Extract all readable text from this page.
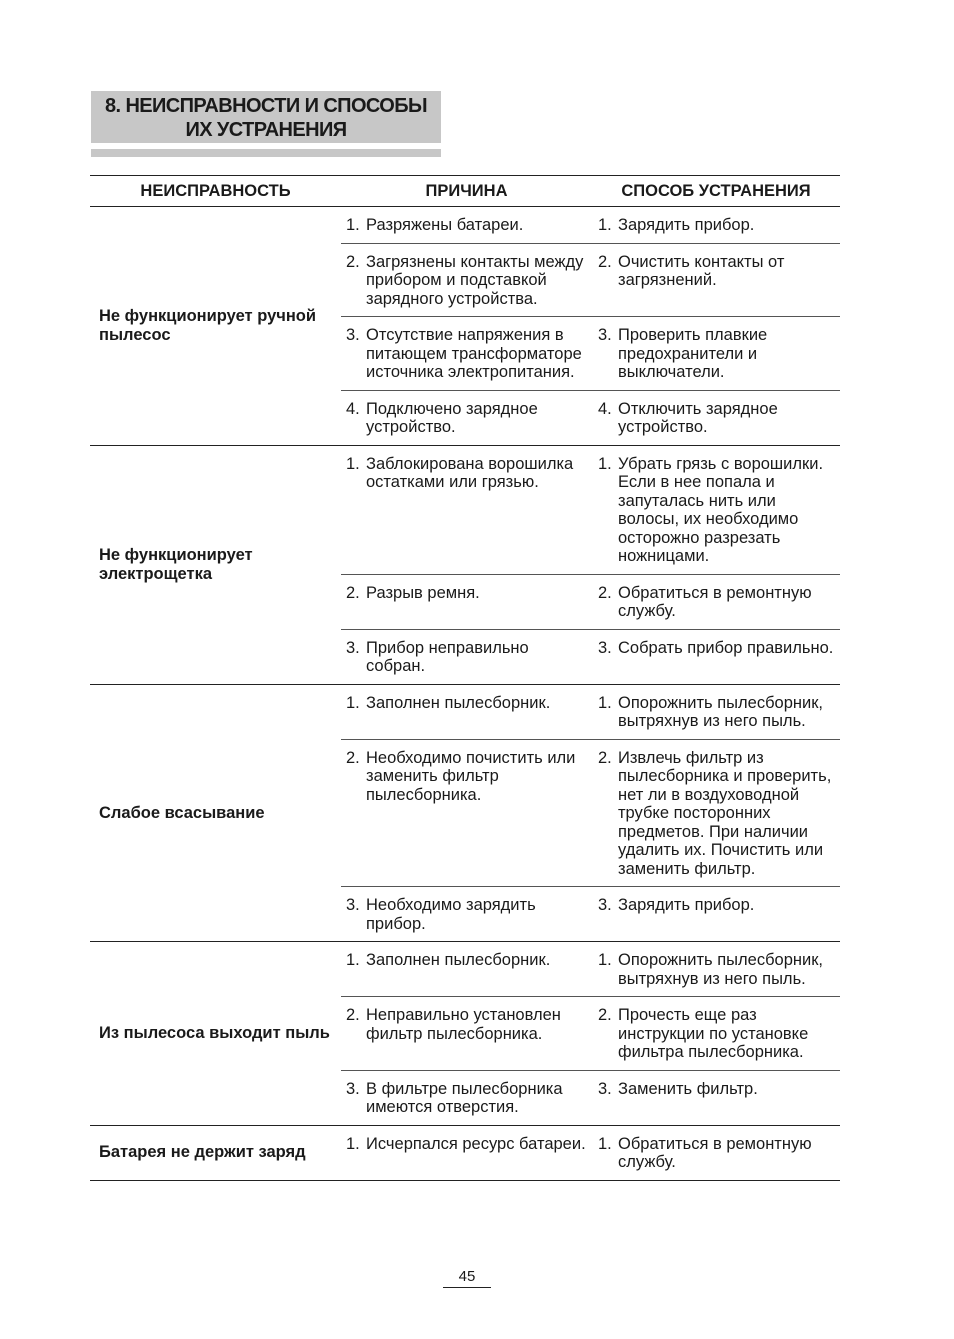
8. НЕИСПРАВНОСТИ И СПОСОБЫ
ИХ УСТРАНЕНИЯ
НЕИСПРАВНОСТЬ	ПРИЧИНА	СПОСОБ УСТРАНЕНИЯ
Не функционирует ручной пылесос	1. Разряжены батареи.	1. Зарядить прибор.

	2. Загрязнены контакты между прибором и подставкой зарядного устройства.	2. Очистить контакты от загрязнений.

	3. Отсутствие напряжения в питающем трансформаторе источника электропитания.	3. Проверить плавкие предохранители и выключатели.

	4. Подключено зарядное устройство.	4. Отключить зарядное устройство.

Не функционирует электрощетка	1. Заблокирована ворошилка остатками или грязью.	1. Убрать грязь с ворошилки. Если в нее попала и запуталась нить или волосы, их необходимо осторожно разрезать ножницами.

	2. Разрыв ремня.	2. Обратиться в ремонтную службу.

	3. Прибор неправильно собран.	3. Собрать прибор правильно.

Слабое всасывание	1. Заполнен пылесборник.	1. Опорожнить пылесборник, вытряхнув из него пыль.

	2. Необходимо почистить или заменить фильтр пылесборника.	2. Извлечь фильтр из пылесборника и проверить, нет ли в воздуховодной трубке посторонних предметов. При наличии удалить их. Почистить или заменить фильтр.

	3. Необходимо зарядить прибор.	3. Зарядить прибор.

Из пылесоса выходит пыль	1. Заполнен пылесборник.	1. Опорожнить пылесборник, вытряхнув из него пыль.

	2. Неправильно установлен фильтр пылесборника.	2. Прочесть еще раз инструкции по установке фильтра пылесборника.

	3. В фильтре пылесборника имеются отверстия.	3. Заменить фильтр.

Батарея не держит заряд	1. Исчерпался ресурс батареи.	1. Обратиться в ремонтную службу.
45
